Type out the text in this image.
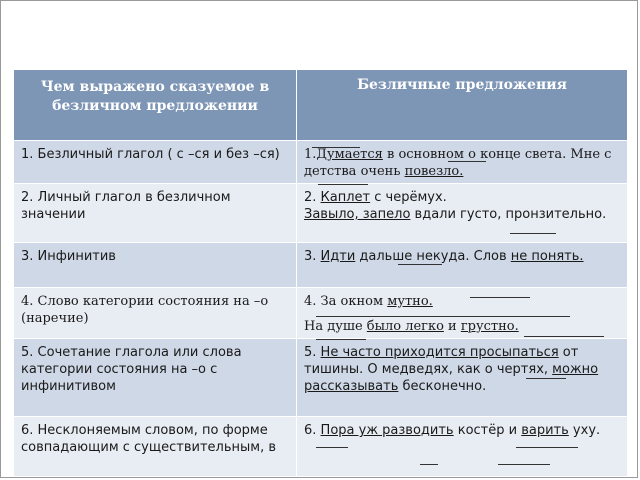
Чем выражено сказуемое в безличном предложении	Безличные предложения
1. Безличный глагол ( с –ся и без –ся)	1.Думается в основном о конце света. Мне с детства очень повезло.
2. Личный глагол в безличном значении	2. Каплет с черёмух.
Завыло, запело вдали густо, пронзительно.
3. Инфинитив	3. Идти дальше некуда. Слов не понять.
4. Слово категории состояния на –о (наречие)	4. За окном мутно.
На душе было легко и грустно.
5. Сочетание глагола или слова категории состояния на –о с инфинитивом	5. Не часто приходится просыпаться от тишины. О медведях, как о чертях, можно рассказывать бесконечно.
6. Несклоняемым словом, по форме совпадающим с существительным, в	6. Пора уж разводить костёр и варить уху.
